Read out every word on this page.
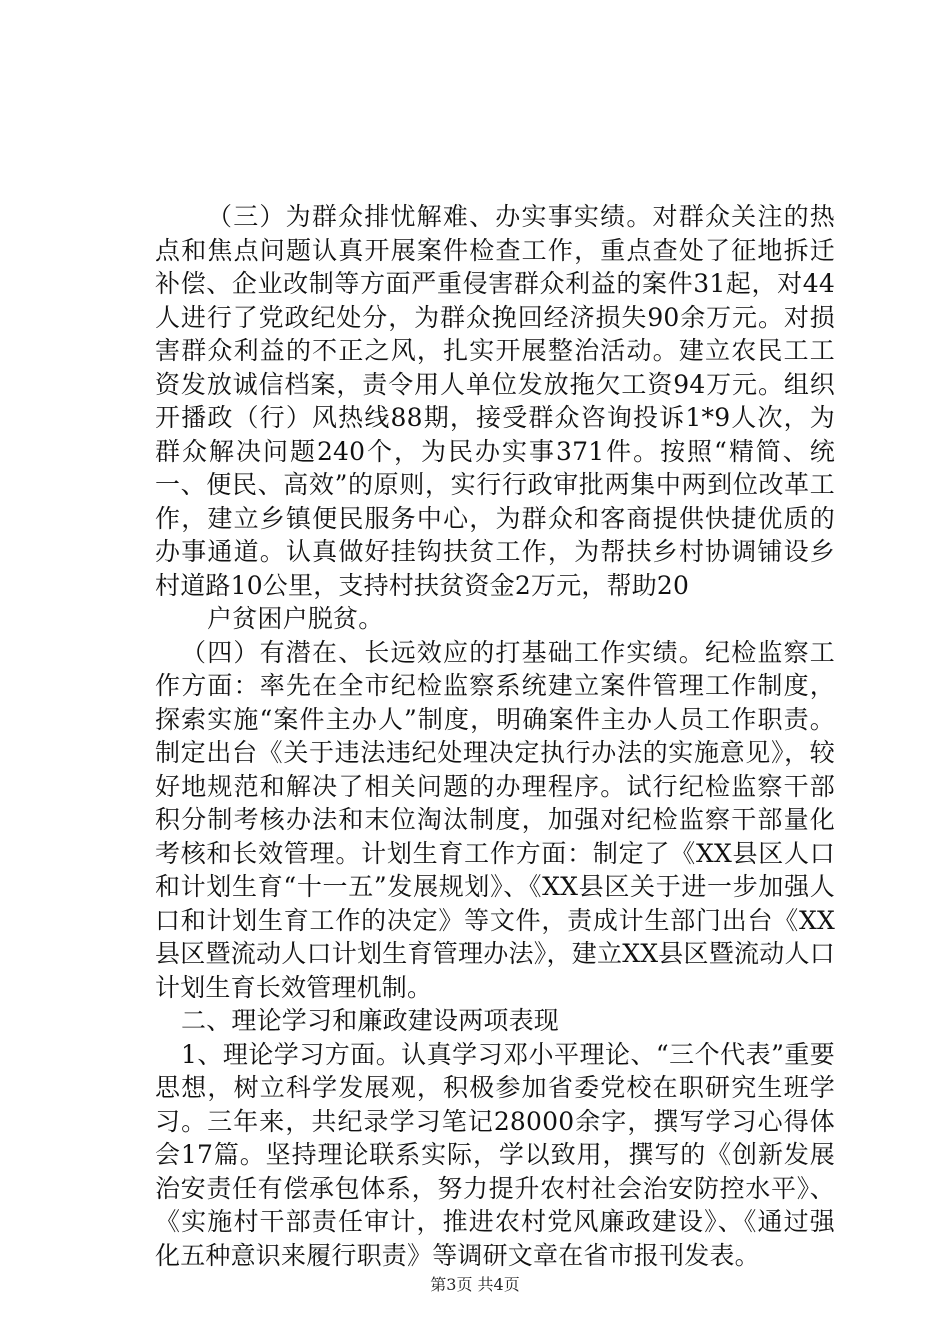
（三）为群众排忧解难、办实事实绩。对群众关注的热点和焦点问题认真开展案件检查工作，重点查处了征地拆迁补偿、企业改制等方面严重侵害群众利益的案件31起，对44人进行了党政纪处分，为群众挽回经济损失90余万元。对损害群众利益的不正之风，扎实开展整治活动。建立农民工工资发放诚信档案，责令用人单位发放拖欠工资94万元。组织开播政（行）风热线88期，接受群众咨询投诉1*9人次，为群众解决问题240个，为民办实事371件。按照“精简、统一、便民、高效”的原则，实行行政审批两集中两到位改革工作，建立乡镇便民服务中心，为群众和客商提供快捷优质的办事通道。认真做好挂钩扶贫工作，为帮扶乡村协调铺设乡村道路10公里，支持村扶贫资金2万元，帮助20

户贫困户脱贫。

（四）有潜在、长远效应的打基础工作实绩。纪检监察工作方面：率先在全市纪检监察系统建立案件管理工作制度，探索实施“案件主办人”制度，明确案件主办人员工作职责。制定出台《关于违法违纪处理决定执行办法的实施意见》，较好地规范和解决了相关问题的办理程序。试行纪检监察干部积分制考核办法和末位淘汰制度，加强对纪检监察干部量化考核和长效管理。计划生育工作方面：制定了《XX县区人口和计划生育“十一五”发展规划》、《XX县区关于进一步加强人口和计划生育工作的决定》等文件，责成计生部门出台《XX县区暨流动人口计划生育管理办法》，建立XX县区暨流动人口计划生育长效管理机制。

二、理论学习和廉政建设两项表现

1、理论学习方面。认真学习邓小平理论、“三个代表”重要思想，树立科学发展观，积极参加省委党校在职研究生班学习。三年来，共纪录学习笔记28000余字，撰写学习心得体会17篇。坚持理论联系实际，学以致用，撰写的《创新发展治安责任有偿承包体系，努力提升农村社会治安防控水平》、《实施村干部责任审计，推进农村党风廉政建设》、《通过强化五种意识来履行职责》等调研文章在省市报刊发表。

第3页 共4页
